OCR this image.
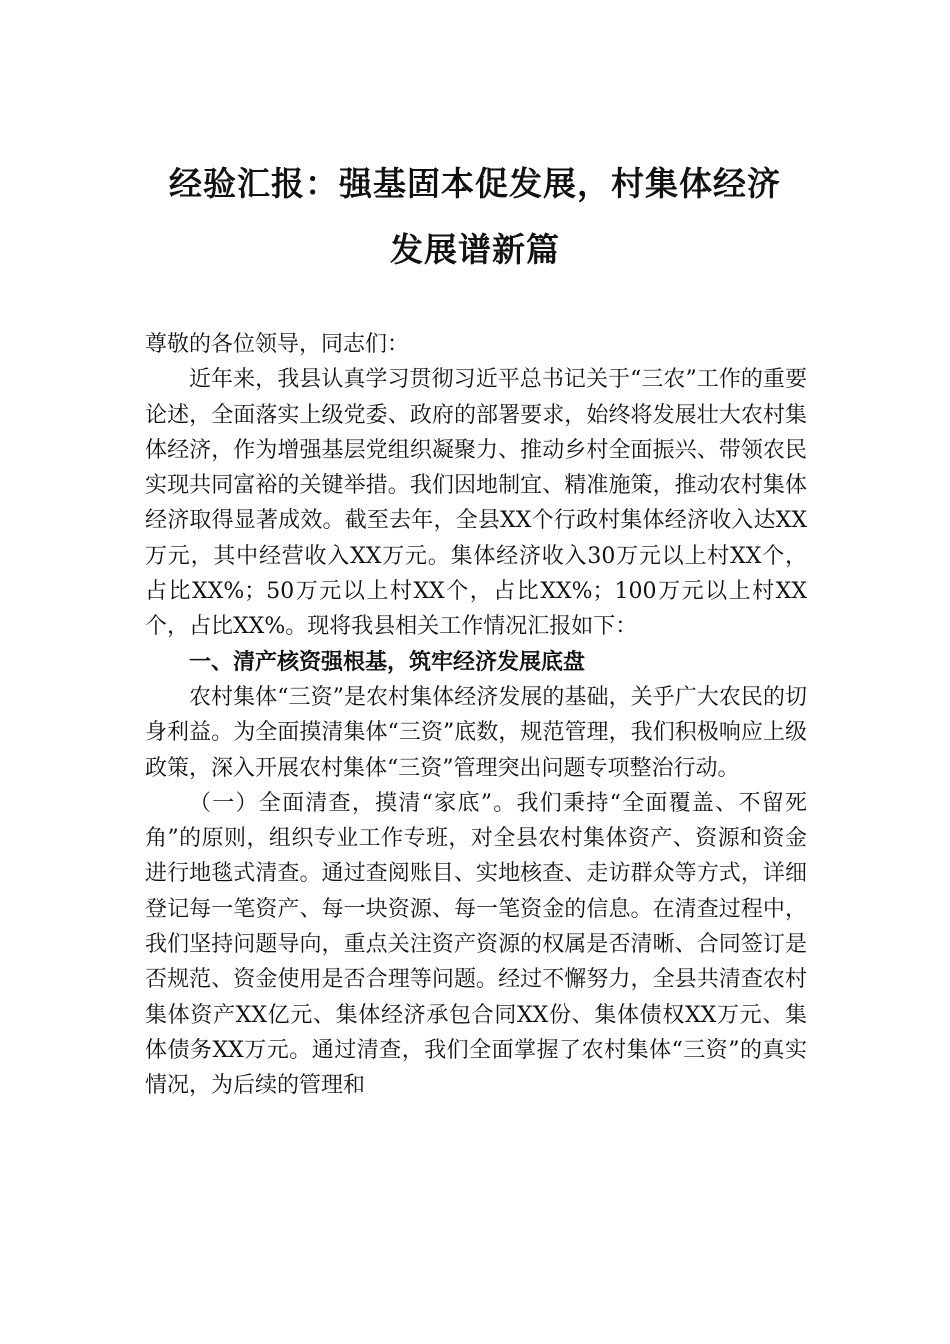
经验汇报：强基固本促发展，村集体经济
发展谱新篇

尊敬的各位领导，同志们：

近年来，我县认真学习贯彻习近平总书记关于“三农”工作的重要论述，全面落实上级党委、政府的部署要求，始终将发展壮大农村集体经济，作为增强基层党组织凝聚力、推动乡村全面振兴、带领农民实现共同富裕的关键举措。我们因地制宜、精准施策，推动农村集体经济取得显著成效。截至去年，全县XX个行政村集体经济收入达XX万元，其中经营收入XX万元。集体经济收入30万元以上村XX个，占比XX%；50万元以上村XX个，占比XX%；100万元以上村XX个，占比XX%。现将我县相关工作情况汇报如下：

一、清产核资强根基，筑牢经济发展底盘

农村集体“三资”是农村集体经济发展的基础，关乎广大农民的切身利益。为全面摸清集体“三资”底数，规范管理，我们积极响应上级政策，深入开展农村集体“三资”管理突出问题专项整治行动。

（一）全面清查，摸清“家底”。我们秉持“全面覆盖、不留死角”的原则，组织专业工作专班，对全县农村集体资产、资源和资金进行地毯式清查。通过查阅账目、实地核查、走访群众等方式，详细登记每一笔资产、每一块资源、每一笔资金的信息。在清查过程中，我们坚持问题导向，重点关注资产资源的权属是否清晰、合同签订是否规范、资金使用是否合理等问题。经过不懈努力，全县共清查农村集体资产XX亿元、集体经济承包合同XX份、集体债权XX万元、集体债务XX万元。通过清查，我们全面掌握了农村集体“三资”的真实情况，为后续的管理和
